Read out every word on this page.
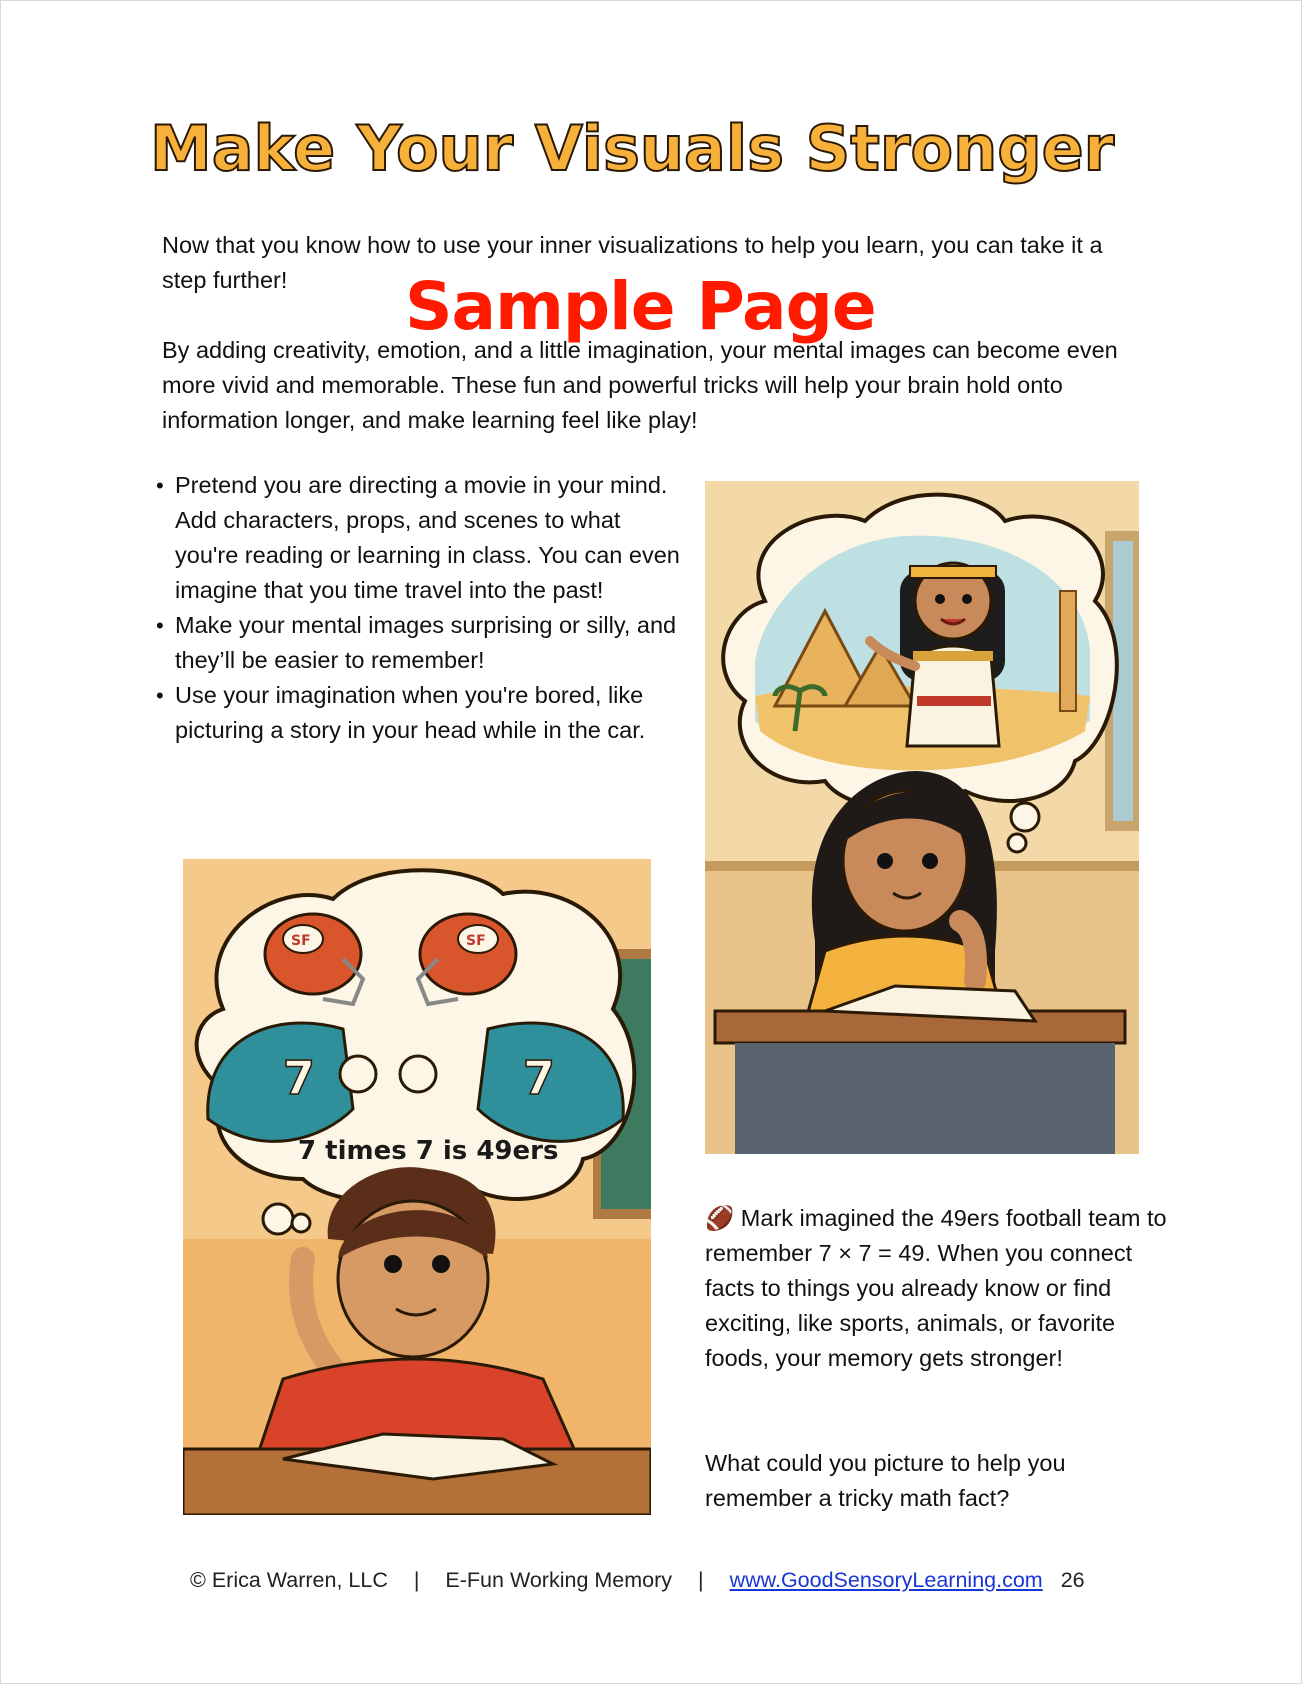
Make Your Visuals Stronger
Now that you know how to use your inner visualizations to help you learn, you can take it a step further!
By adding creativity, emotion, and a little imagination, your mental images can become even more vivid and memorable. These fun and powerful tricks will help your brain hold onto information longer, and make learning feel like play!
Sample Page
• Pretend you are directing a movie in your mind. Add characters, props, and scenes to what you're reading or learning in class. You can even imagine that you time travel into the past!
• Make your mental images surprising or silly, and they’ll be easier to remember!
• Use your imagination when you're bored, like picturing a story in your head while in the car.
7
SF
7
SF
7 times 7 is 49ers
🏈 Mark imagined the 49ers football team to remember 7 × 7 = 49. When you connect facts to things you already know or find exciting, like sports, animals, or favorite foods, your memory gets stronger!
What could you picture to help you remember a tricky math fact?
© Erica Warren, LLC | E-Fun Working Memory | www.GoodSensoryLearning.com 26
